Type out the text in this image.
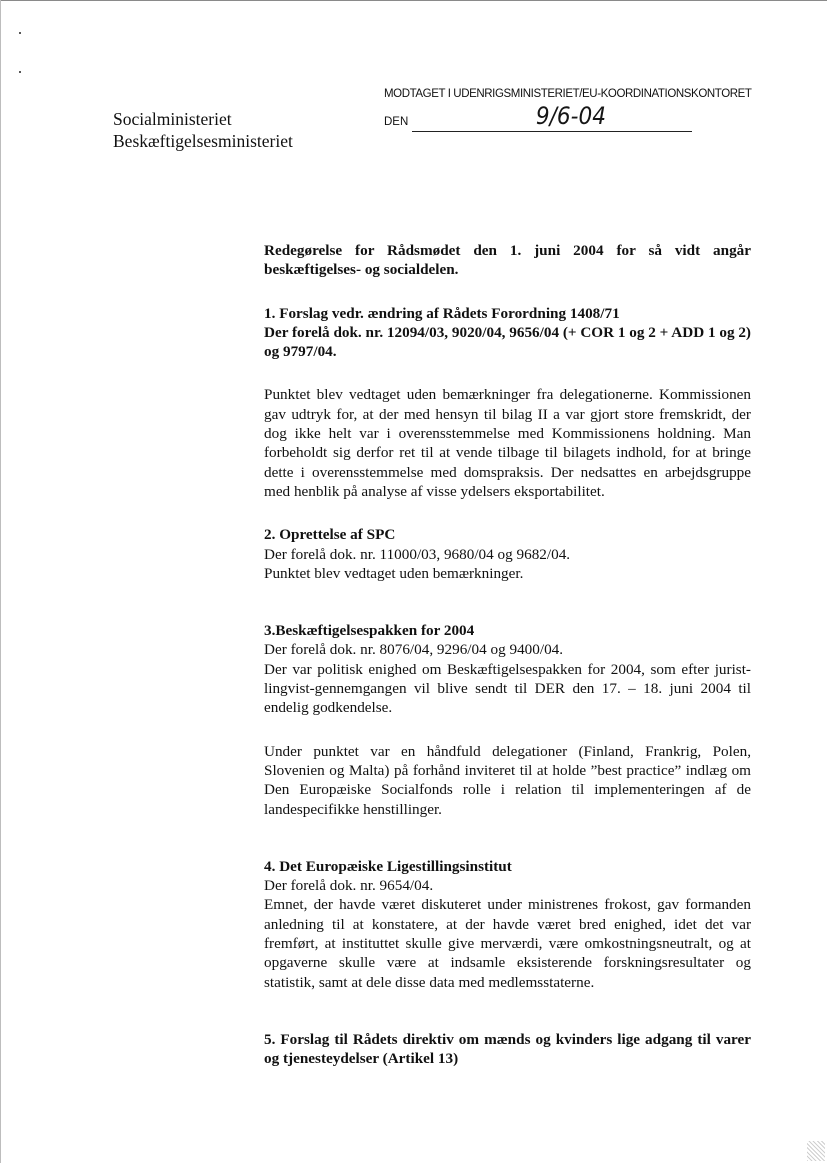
Socialministeriet
Beskæftigelsesministeriet
MODTAGET I UDENRIGSMINISTERIET/EU-KOORDINATIONSKONTORET
DEN	9/6-04

Redegørelse for Rådsmødet den 1. juni 2004 for så vidt angår beskæftigelses- og socialdelen.

1. Forslag vedr. ændring af Rådets Forordning 1408/71

Der forelå dok. nr. 12094/03, 9020/04, 9656/04 (+ COR 1 og 2 + ADD 1 og 2) og 9797/04.

Punktet blev vedtaget uden bemærkninger fra delegationerne. Kommissionen gav udtryk for, at der med hensyn til bilag II a var gjort store fremskridt, der dog ikke helt var i overensstemmelse med Kommissionens holdning. Man forbeholdt sig derfor ret til at vende tilbage til bilagets indhold, for at bringe dette i overensstemmelse med domspraksis. Der nedsattes en arbejdsgruppe med henblik på analyse af visse ydelsers eksportabilitet.

2. Oprettelse af SPC

Der forelå dok. nr. 11000/03, 9680/04 og 9682/04.

Punktet blev vedtaget uden bemærkninger.

3.Beskæftigelsespakken for 2004

Der forelå dok. nr. 8076/04, 9296/04 og 9400/04.

Der var politisk enighed om Beskæftigelsespakken for 2004, som efter jurist-lingvist-gennemgangen vil blive sendt til DER den 17. – 18. juni 2004 til endelig godkendelse.

Under punktet var en håndfuld delegationer (Finland, Frankrig, Polen, Slovenien og Malta) på forhånd inviteret til at holde ”best practice” indlæg om Den Europæiske Socialfonds rolle i relation til implementeringen af de landespecifikke henstillinger.

4. Det Europæiske Ligestillingsinstitut

Der forelå dok. nr. 9654/04.

Emnet, der havde været diskuteret under ministrenes frokost, gav formanden anledning til at konstatere, at der havde været bred enighed, idet det var fremført, at instituttet skulle give merværdi, være omkostningsneutralt, og at opgaverne skulle være at indsamle eksisterende forskningsresultater og statistik, samt at dele disse data med medlemsstaterne.

5. Forslag til Rådets direktiv om mænds og kvinders lige adgang til varer og tjenesteydelser (Artikel 13)
